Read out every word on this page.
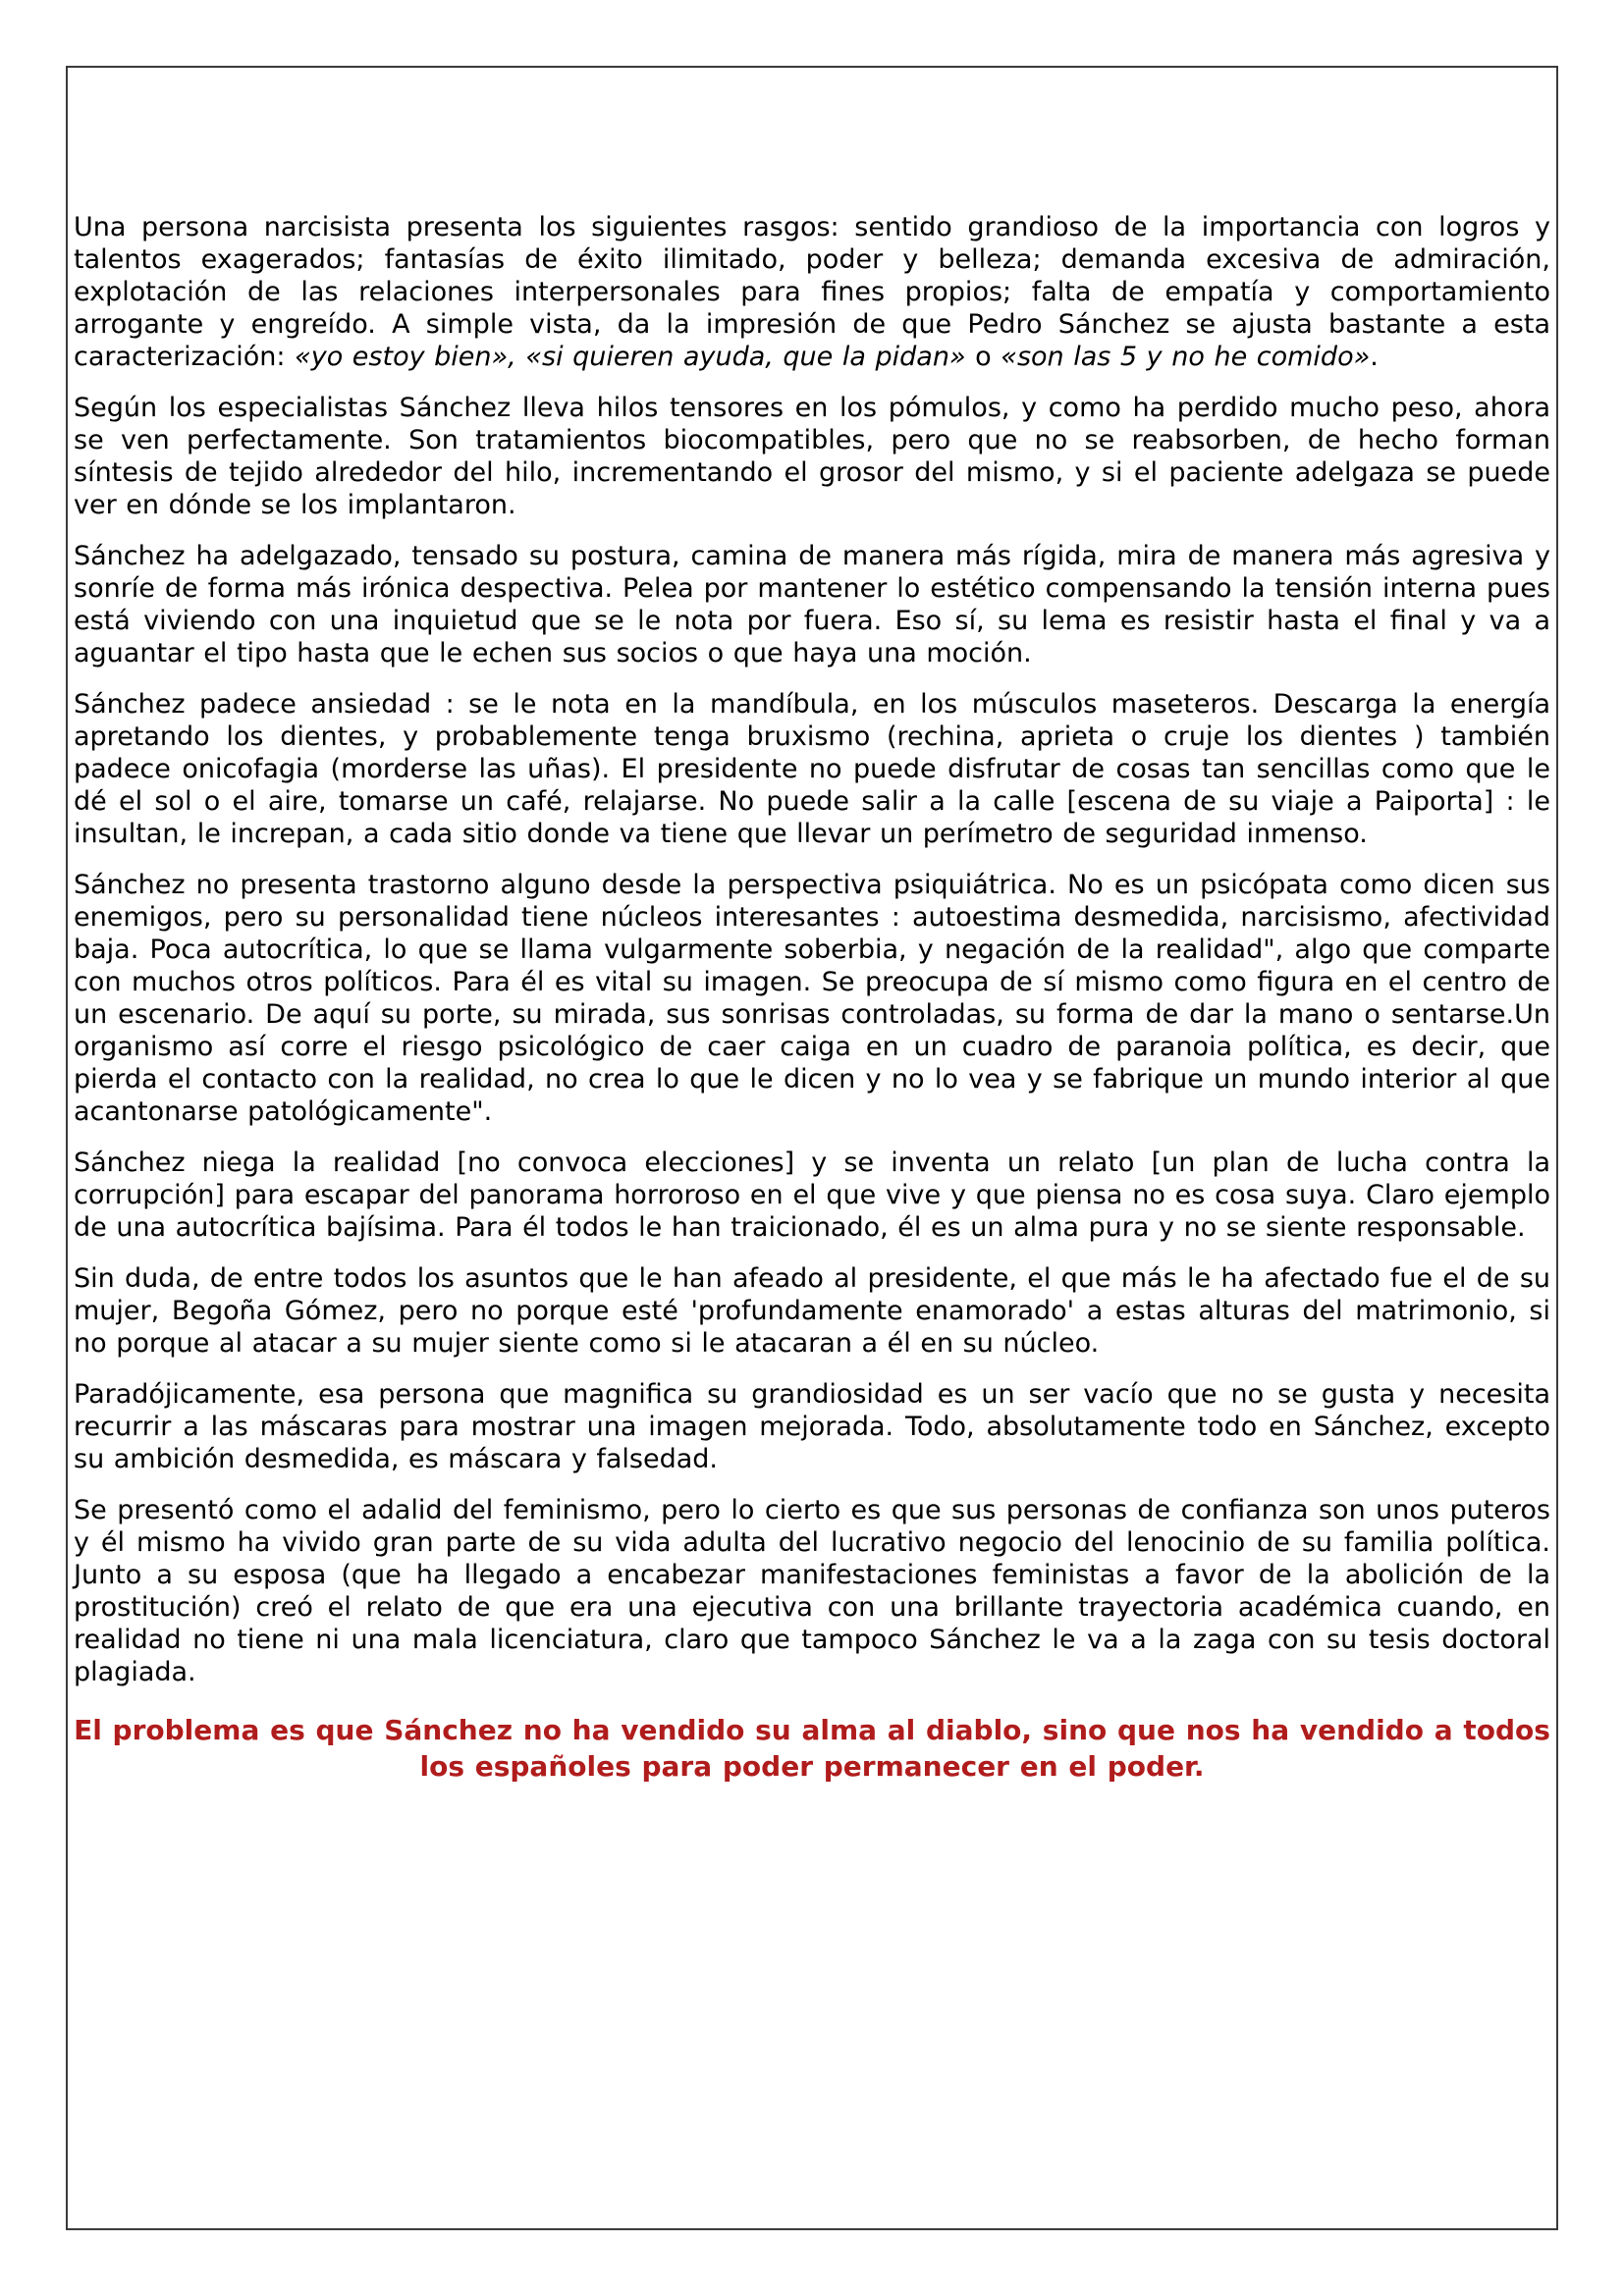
Una persona narcisista presenta los siguientes rasgos: sentido grandioso de la importancia con logros y talentos exagerados; fantasías de éxito ilimitado, poder y belleza; demanda excesiva de admiración, explotación de las relaciones interpersonales para fines propios; falta de empatía y comportamiento arrogante y engreído. A simple vista, da la impresión de que Pedro Sánchez se ajusta bastante a esta caracterización: «yo estoy bien», «si quieren ayuda, que la pidan» o «son las 5 y no he comido».

Según los especialistas Sánchez lleva hilos tensores en los pómulos, y como ha perdido mucho peso, ahora se ven perfectamente. Son tratamientos biocompatibles, pero que no se reabsorben, de hecho forman síntesis de tejido alrededor del hilo, incrementando el grosor del mismo, y si el paciente adelgaza se puede ver en dónde se los implantaron.

Sánchez ha adelgazado, tensado su postura, camina de manera más rígida, mira de manera más agresiva y sonríe de forma más irónica despectiva. Pelea por mantener lo estético compensando la tensión interna pues está viviendo con una inquietud que se le nota por fuera. Eso sí, su lema es resistir hasta el final y va a aguantar el tipo hasta que le echen sus socios o que haya una moción.

Sánchez padece ansiedad : se le nota en la mandíbula, en los músculos maseteros. Descarga la energía apretando los dientes, y probablemente tenga bruxismo (rechina, aprieta o cruje los dientes ) también padece onicofagia (morderse las uñas). El presidente no puede disfrutar de cosas tan sencillas como que le dé el sol o el aire, tomarse un café, relajarse. No puede salir a la calle [escena de su viaje a Paiporta] : le insultan, le increpan, a cada sitio donde va tiene que llevar un perímetro de seguridad inmenso.

Sánchez no presenta trastorno alguno desde la perspectiva psiquiátrica. No es un psicópata como dicen sus enemigos, pero su personalidad tiene núcleos interesantes : autoestima desmedida, narcisismo, afectividad baja. Poca autocrítica, lo que se llama vulgarmente soberbia, y negación de la realidad", algo que comparte con muchos otros políticos. Para él es vital su imagen. Se preocupa de sí mismo como figura en el centro de un escenario. De aquí su porte, su mirada, sus sonrisas controladas, su forma de dar la mano o sentarse.Un organismo así corre el riesgo psicológico de caer caiga en un cuadro de paranoia política, es decir, que pierda el contacto con la realidad, no crea lo que le dicen y no lo vea y se fabrique un mundo interior al que acantonarse patológicamente".

Sánchez niega la realidad [no convoca elecciones] y se inventa un relato [un plan de lucha contra la corrupción] para escapar del panorama horroroso en el que vive y que piensa no es cosa suya. Claro ejemplo de una autocrítica bajísima. Para él todos le han traicionado, él es un alma pura y no se siente responsable.

Sin duda, de entre todos los asuntos que le han afeado al presidente, el que más le ha afectado fue el de su mujer, Begoña Gómez, pero no porque esté 'profundamente enamorado' a estas alturas del matrimonio, si no porque al atacar a su mujer siente como si le atacaran a él en su núcleo.

Paradójicamente, esa persona que magnifica su grandiosidad es un ser vacío que no se gusta y necesita recurrir a las máscaras para mostrar una imagen mejorada. Todo, absolutamente todo en Sánchez, excepto su ambición desmedida, es máscara y falsedad.

Se presentó como el adalid del feminismo, pero lo cierto es que sus personas de confianza son unos puteros y él mismo ha vivido gran parte de su vida adulta del lucrativo negocio del lenocinio de su familia política. Junto a su esposa (que ha llegado a encabezar manifestaciones feministas a favor de la abolición de la prostitución) creó el relato de que era una ejecutiva con una brillante trayectoria académica cuando, en realidad no tiene ni una mala licenciatura, claro que tampoco Sánchez le va a la zaga con su tesis doctoral plagiada.

El problema es que Sánchez no ha vendido su alma al diablo, sino que nos ha vendido a todos los españoles para poder permanecer en el poder.
